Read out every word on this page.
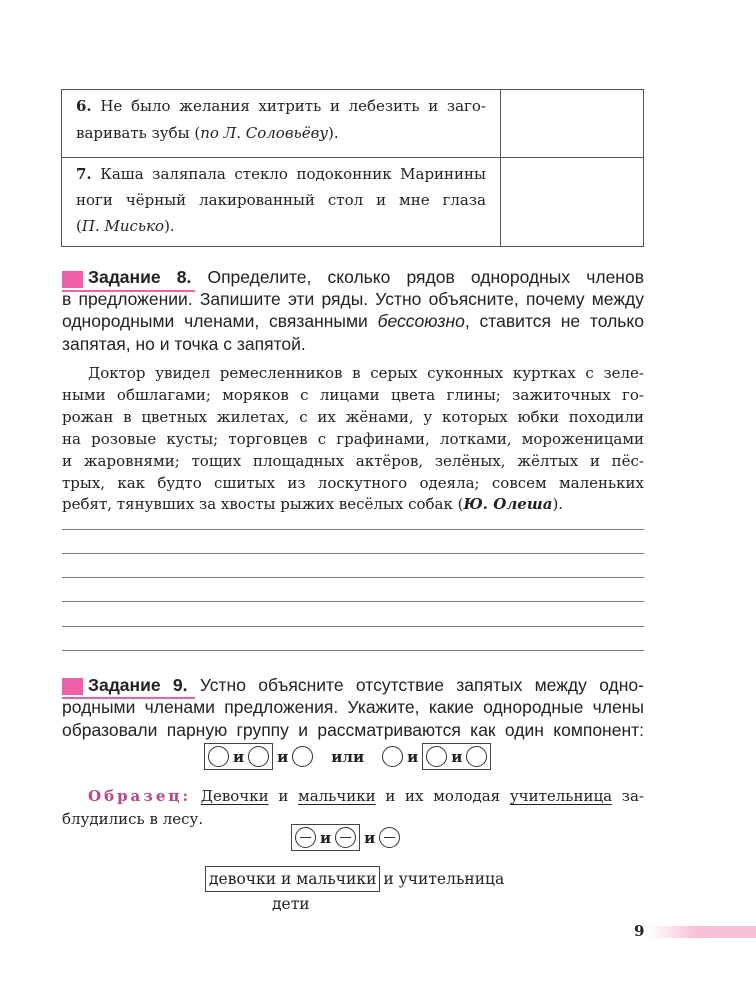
и и	или	и и
и и
девочки и мальчики и учительница
дети
9
6. Не было желания хитрить и лебезить и заго-
варивать зубы (по Л. Соловьёву).
7. Каша заляпала стекло подоконник Маринины
ноги чёрный лакированный стол и мне глаза
(П. Мисько).
Задание 8. Определите, сколько рядов однородных членов
в предложении. Запишите эти ряды. Устно объясните, почему между
однородными членами, связанными бессоюзно, ставится не только
запятая, но и точка с запятой.
Доктор увидел ремесленников в серых суконных куртках с зеле-
ными обшлагами; моряков с лицами цвета глины; зажиточных го-
рожан в цветных жилетах, с их жёнами, у которых юбки походили
на розовые кусты; торговцев с графинами, лотками, мороженицами
и жаровнями; тощих площадных актёров, зелёных, жёлтых и пёс-
трых, как будто сшитых из лоскутного одеяла; совсем маленьких
ребят, тянувших за хвосты рыжих весёлых собак (Ю. Олеша).
Задание 9. Устно объясните отсутствие запятых между одно-
родными членами предложения. Укажите, какие однородные члены
образовали парную группу и рассматриваются как один компонент:
Образец: Девочки и мальчики и их молодая учительница за-
блудились в лесу.
